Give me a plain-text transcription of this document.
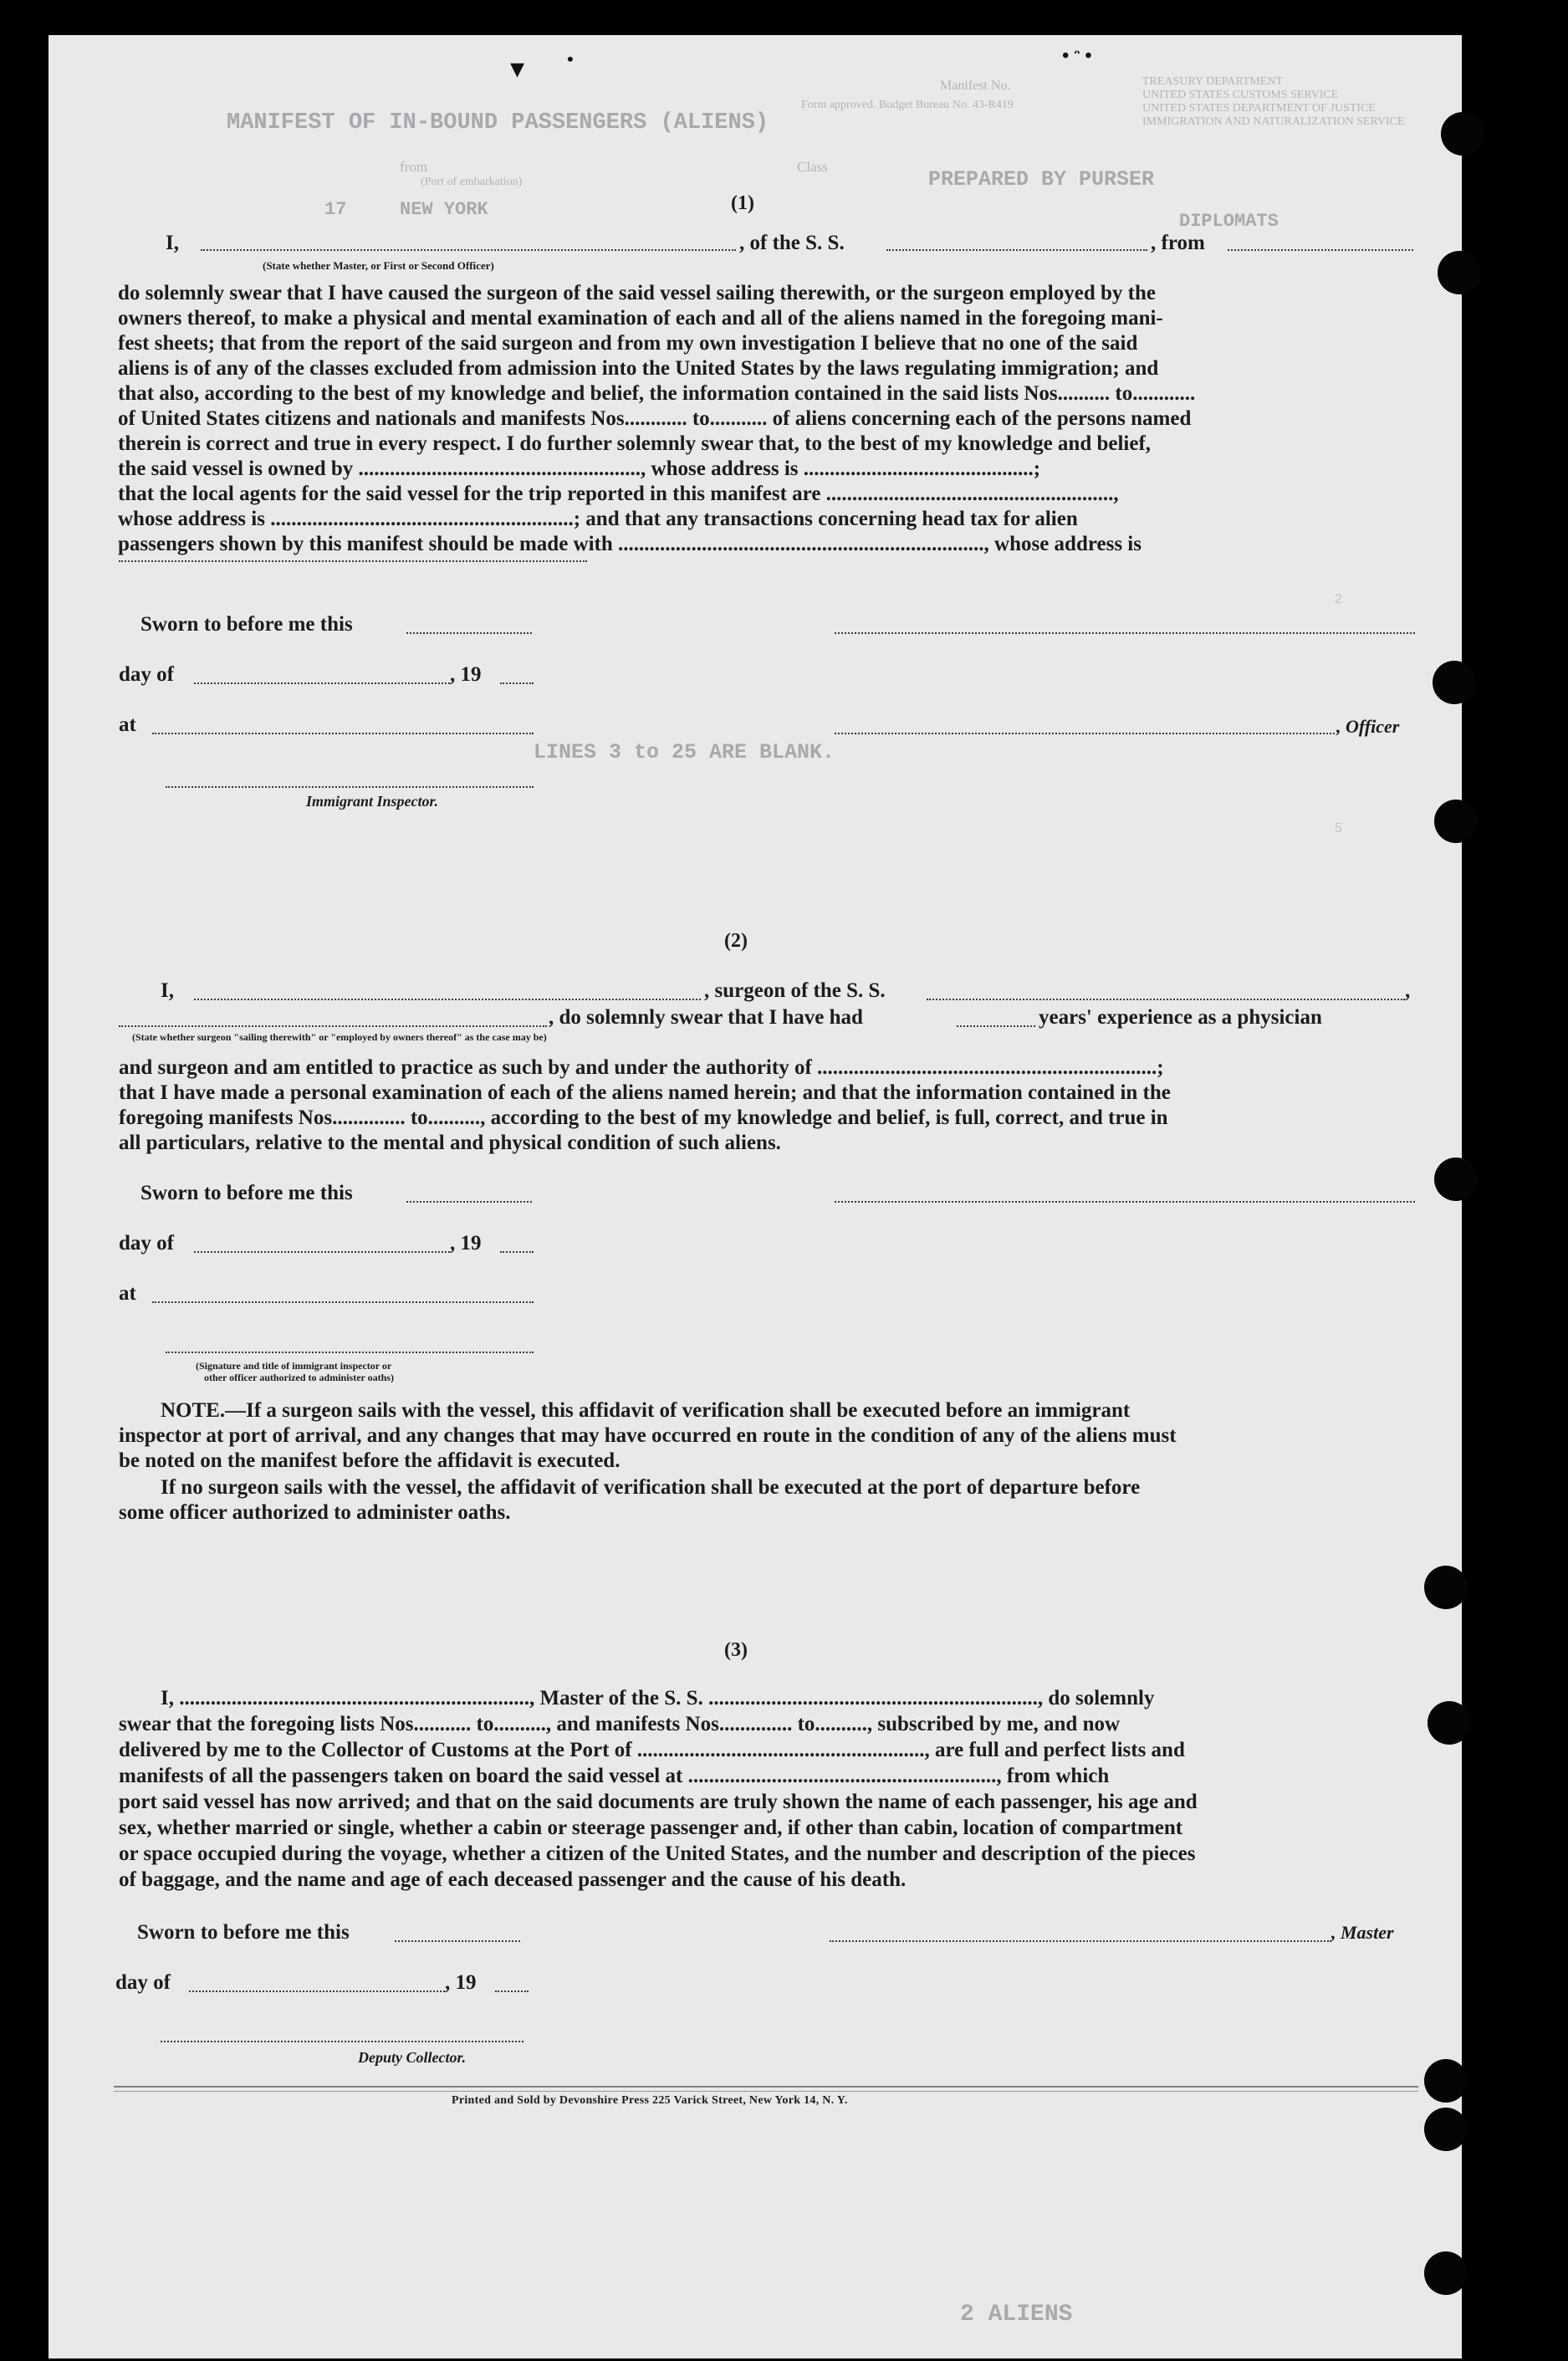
Manifest No.
MANIFEST OF IN-BOUND PASSENGERS (ALIENS)
Form approved. Budget Bureau No. 43-R419
TREASURY DEPARTMENT
UNITED STATES CUSTOMS SERVICE
UNITED STATES DEPARTMENT OF JUSTICE
IMMIGRATION AND NATURALIZATION SERVICE
from
(Port of embarkation)
Class
PREPARED BY PURSER
NEW YORK
17
DIPLOMATS
LINES 3 to 25 ARE BLANK.
2 ALIENS
2
5
▾ •	• ᵔ •
(1)
I,	, of the S. S.	, from
(State whether Master, or First or Second Officer)
do solemnly swear that I have caused the surgeon of the said vessel sailing therewith, or the surgeon employed by the
owners thereof, to make a physical and mental examination of each and all of the aliens named in the foregoing mani-
fest sheets; that from the report of the said surgeon and from my own investigation I believe that no one of the said
aliens is of any of the classes excluded from admission into the United States by the laws regulating immigration; and
that also, according to the best of my knowledge and belief, the information contained in the said lists Nos.......... to............
of United States citizens and nationals and manifests Nos............ to........... of aliens concerning each of the persons named
therein is correct and true in every respect. I do further solemnly swear that, to the best of my knowledge and belief,
the said vessel is owned by ......................................................, whose address is ............................................;
that the local agents for the said vessel for the trip reported in this manifest are .......................................................,
whose address is ..........................................................; and that any transactions concerning head tax for alien
passengers shown by this manifest should be made with ......................................................................, whose address is
Sworn to before me this
day of	, 19
at	, Officer
Immigrant Inspector.
(2)
I,	, surgeon of the S. S.	,
, do solemnly swear that I have had	years' experience as a physician
(State whether surgeon "sailing therewith" or "employed by owners thereof" as the case may be)
and surgeon and am entitled to practice as such by and under the authority of .................................................................;
that I have made a personal examination of each of the aliens named herein; and that the information contained in the
foregoing manifests Nos.............. to.........., according to the best of my knowledge and belief, is full, correct, and true in
all particulars, relative to the mental and physical condition of such aliens.
Sworn to before me this
day of	, 19
at
(Signature and title of immigrant inspector or
other officer authorized to administer oaths)
NOTE.—If a surgeon sails with the vessel, this affidavit of verification shall be executed before an immigrant
inspector at port of arrival, and any changes that may have occurred en route in the condition of any of the aliens must
be noted on the manifest before the affidavit is executed.
If no surgeon sails with the vessel, the affidavit of verification shall be executed at the port of departure before
some officer authorized to administer oaths.
(3)
I, ..................................................................., Master of the S. S. ..............................................................., do solemnly
swear that the foregoing lists Nos........... to.........., and manifests Nos.............. to.........., subscribed by me, and now
delivered by me to the Collector of Customs at the Port of ......................................................., are full and perfect lists and
manifests of all the passengers taken on board the said vessel at ..........................................................., from which
port said vessel has now arrived; and that on the said documents are truly shown the name of each passenger, his age and
sex, whether married or single, whether a cabin or steerage passenger and, if other than cabin, location of compartment
or space occupied during the voyage, whether a citizen of the United States, and the number and description of the pieces
of baggage, and the name and age of each deceased passenger and the cause of his death.
Sworn to before me this	, Master
day of	, 19
Deputy Collector.
Printed and Sold by Devonshire Press 225 Varick Street, New York 14, N. Y.
